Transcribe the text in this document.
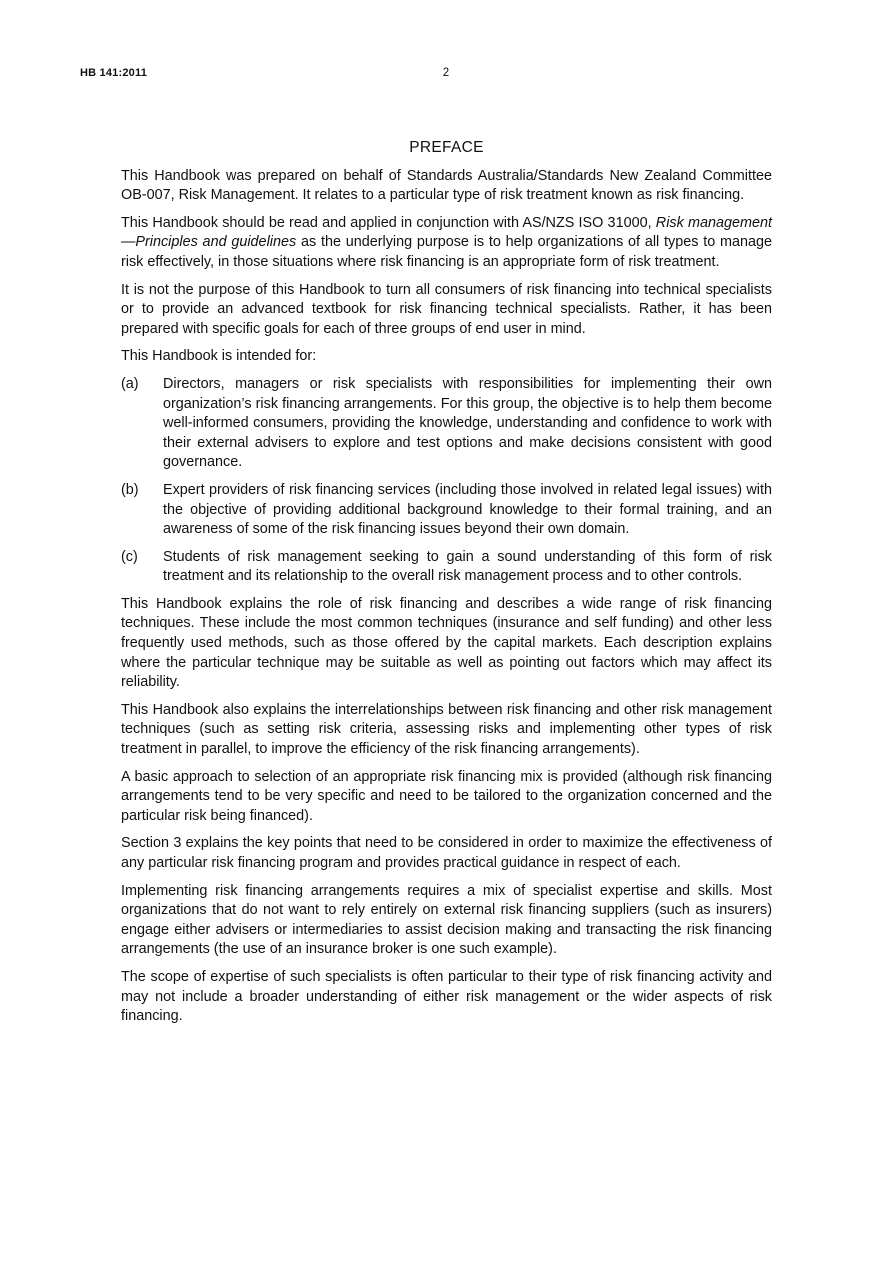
HB 141:2011	2
PREFACE

This Handbook was prepared on behalf of Standards Australia/Standards New Zealand Committee OB-007, Risk Management. It relates to a particular type of risk treatment known as risk financing.

This Handbook should be read and applied in conjunction with AS/NZS ISO 31000, Risk management—Principles and guidelines as the underlying purpose is to help organizations of all types to manage risk effectively, in those situations where risk financing is an appropriate form of risk treatment.

It is not the purpose of this Handbook to turn all consumers of risk financing into technical specialists or to provide an advanced textbook for risk financing technical specialists. Rather, it has been prepared with specific goals for each of three groups of end user in mind.

This Handbook is intended for:

(a)	Directors, managers or risk specialists with responsibilities for implementing their own organization’s risk financing arrangements. For this group, the objective is to help them become well-informed consumers, providing the knowledge, understanding and confidence to work with their external advisers to explore and test options and make decisions consistent with good governance.
(b)	Expert providers of risk financing services (including those involved in related legal issues) with the objective of providing additional background knowledge to their formal training, and an awareness of some of the risk financing issues beyond their own domain.
(c)	Students of risk management seeking to gain a sound understanding of this form of risk treatment and its relationship to the overall risk management process and to other controls.

This Handbook explains the role of risk financing and describes a wide range of risk financing techniques. These include the most common techniques (insurance and self funding) and other less frequently used methods, such as those offered by the capital markets. Each description explains where the particular technique may be suitable as well as pointing out factors which may affect its reliability.

This Handbook also explains the interrelationships between risk financing and other risk management techniques (such as setting risk criteria, assessing risks and implementing other types of risk treatment in parallel, to improve the efficiency of the risk financing arrangements).

A basic approach to selection of an appropriate risk financing mix is provided (although risk financing arrangements tend to be very specific and need to be tailored to the organization concerned and the particular risk being financed).

Section 3 explains the key points that need to be considered in order to maximize the effectiveness of any particular risk financing program and provides practical guidance in respect of each.

Implementing risk financing arrangements requires a mix of specialist expertise and skills. Most organizations that do not want to rely entirely on external risk financing suppliers (such as insurers) engage either advisers or intermediaries to assist decision making and transacting the risk financing arrangements (the use of an insurance broker is one such example).

The scope of expertise of such specialists is often particular to their type of risk financing activity and may not include a broader understanding of either risk management or the wider aspects of risk financing.
